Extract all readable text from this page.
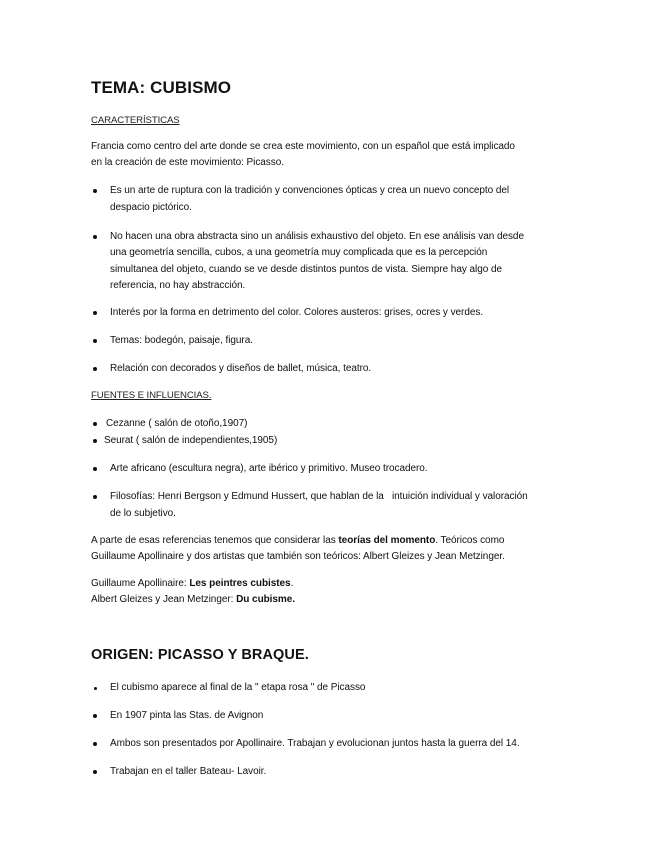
TEMA: CUBISMO
CARACTERÍSTICAS
Francia como centro del arte donde se crea este movimiento, con un español que está implicado
en la creación de este movimiento: Picasso.
Es un arte de ruptura con la tradición y convenciones ópticas y crea un nuevo concepto del
despacio pictórico.
No hacen una obra abstracta sino un análisis exhaustivo del objeto. En ese análisis van desde
una geometría sencilla, cubos, a una geometría muy complicada que es la percepción
simultanea del objeto, cuando se ve desde distintos puntos de vista. Siempre hay algo de
referencia, no hay abstracción.
Interés por la forma en detrimento del color. Colores austeros: grises, ocres y verdes.
Temas: bodegón, paisaje, figura.
Relación con decorados y diseños de ballet, música, teatro.
FUENTES E INFLUENCIAS.
Cezanne ( salón de otoño,1907)
Seurat ( salón de independientes,1905)
Arte africano (escultura negra), arte ibérico y primitivo. Museo trocadero.
Filosofías: Henri Bergson y Edmund Hussert, que hablan de la   intuición individual y valoración
de lo subjetivo.
A parte de esas referencias tenemos que considerar las teorías del momento. Teóricos como
Guillaume Apollinaire y dos artistas que también son teóricos: Albert Gleizes y Jean Metzinger.
Guillaume Apollinaire: Les peintres cubistes.
Albert Gleizes y Jean Metzinger: Du cubisme.
ORIGEN: PICASSO Y BRAQUE.
El cubismo aparece al final de la " etapa rosa " de Picasso
En 1907 pinta las Stas. de Avignon
Ambos son presentados por Apollinaire. Trabajan y evolucionan juntos hasta la guerra del 14.
Trabajan en el taller Bateau- Lavoir.
